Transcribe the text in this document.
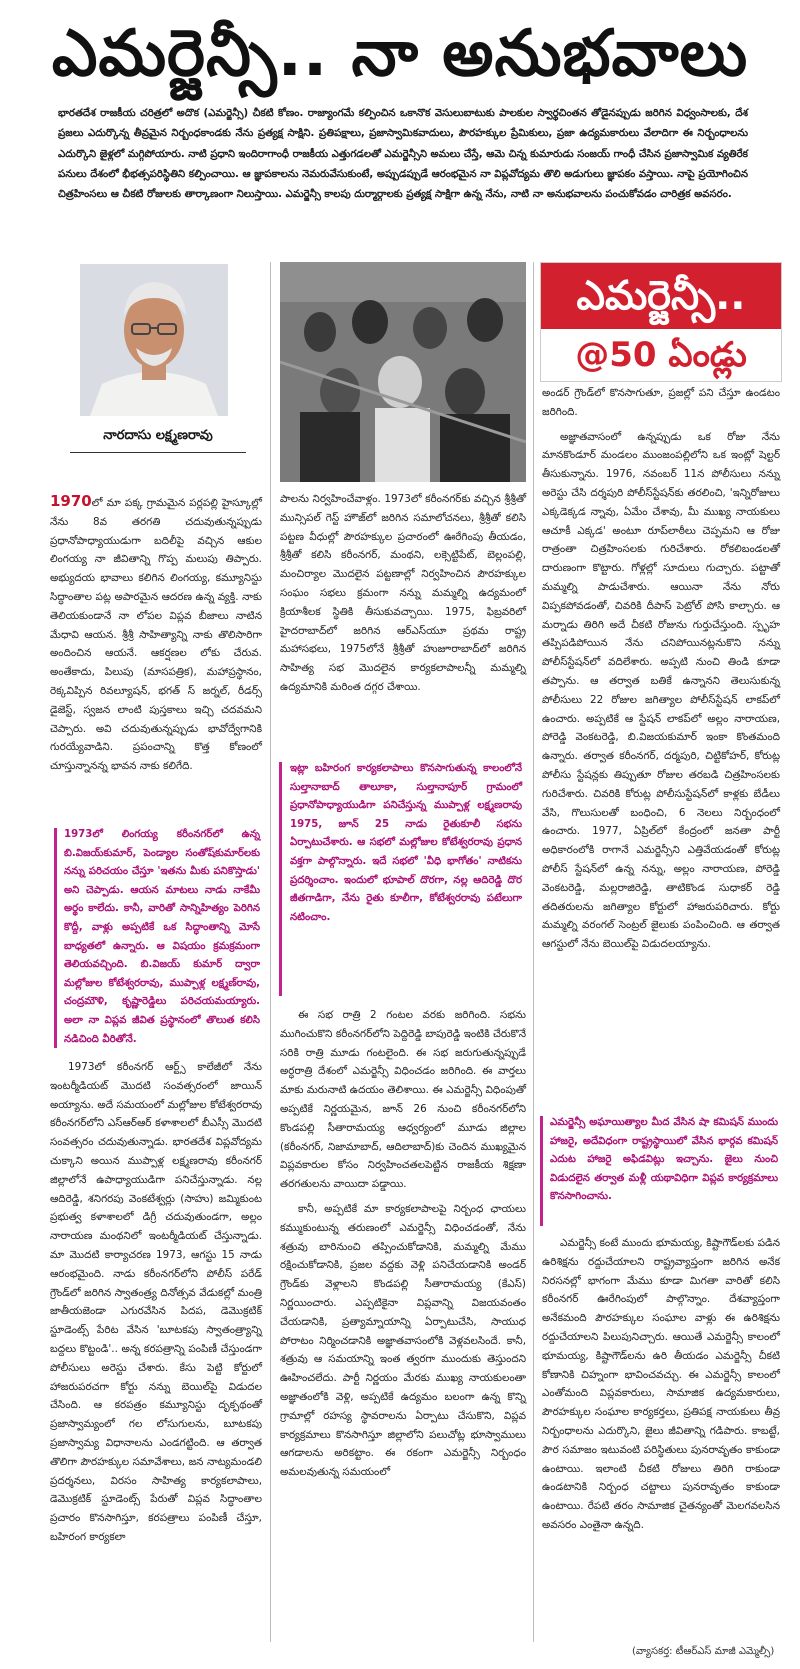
ఎమర్జెన్సీ.. నా అనుభవాలు
భారతదేశ రాజకీయ చరిత్రలో అదొక (ఎమర్జెన్సీ) చీకటి కోణం. రాజ్యాంగమే కల్పించిన ఒకానొక వెసులుబాటుకు పాలకుల స్వార్థచింతన తోడైనప్పుడు జరిగిన విధ్వంసాలకు, దేశ ప్రజలు ఎదుర్కొన్న తీవ్రమైన నిర్బంధకాండకు నేను ప్రత్యక్ష సాక్షిని. ప్రతిపక్షాలు, ప్రజాస్వామికవాదులు, పౌరహక్కుల ప్రేమికులు, ప్రజా ఉద్యమకారులు వేలాదిగా ఈ నిర్బంధాలను ఎదుర్కొని జైళ్లలో మగ్గిపోయారు. నాటి ప్రధాని ఇందిరాగాంధీ రాజకీయ ఎత్తుగడలతో ఎమర్జెన్సీని అమలు చేస్తే, ఆమె చిన్న కుమారుడు సంజయ్ గాంధీ చేసిన ప్రజాస్వామిక వ్యతిరేక పనులు దేశంలో భీభత్సపరిస్థితిని కల్పించాయి. ఆ జ్ఞాపకాలను నెమరువేసుకుంటే, అప్పుడప్పుడే ఆరంభమైన నా విప్లవోద్యమ తొలి అడుగులు జ్ఞాపకం వస్తాయి. నాపై ప్రయోగించిన చిత్రహింసలు ఆ చీకటి రోజులకు తార్కాణంగా నిలుస్తాయి. ఎమర్జెన్సీ కాలపు దుర్మార్గాలకు ప్రత్యక్ష సాక్షిగా ఉన్న నేను, నాటి నా అనుభవాలను పంచుకోవడం చారిత్రక అవసరం.
నారదాసు లక్ష్మణరావు
ఎమర్జెన్సీ..
@50 ఏండ్లు

1970లో మా పక్క గ్రామమైన పర్లపల్లి హైస్కూల్లో నేను 8వ తరగతి చదువుతున్నప్పుడు ప్రధానోపాధ్యాయుడుగా బదిలీపై వచ్చిన ఆకుల లింగయ్య నా జీవితాన్ని గొప్ప మలుపు తిప్పారు. అభ్యుదయ భావాలు కలిగిన లింగయ్య, కమ్యూనిస్టు సిద్ధాంతాల పట్ల అపారమైన ఆదరణ ఉన్న వ్యక్తి. నాకు తెలియకుండానే నా లోపల విప్లవ బీజాలు నాటిన మేధావి ఆయన. శ్రీశ్రీ సాహిత్యాన్ని నాకు తొలిసారిగా అందించిన ఆయనే. ఆకర్షణల లోకు చేరువ. అంతేకాదు, పిలుపు (మాసపత్రిక), మహాప్రస్థానం, రెక్కవిప్పిన రివల్యూషన్, భగత్ స్ జర్నల్, రీడర్స్ డైజెస్ట్, స్వజన లాంటి పుస్తకాలు ఇచ్చి చదవమని చెప్పారు. అవి చదువుతున్నప్పుడు భావోద్వేగానికి గురయ్యేవాడిని. ప్రపంచాన్ని కొత్త కోణంలో చూస్తున్నానన్న భావన నాకు కలిగేది.

1973లో లింగయ్య కరీంనగర్‌లో ఉన్న బి.విజయ్‌కుమార్, పెండ్యాల సంతోష్‌కుమార్‌లకు నన్ను పరిచయం చేస్తూ 'ఇతను మీకు పనికొస్తాడు' అని చెప్పాడు. ఆయన మాటలు నాడు నాకేమీ అర్థం కాలేదు. కానీ, వారితో సాన్నిహిత్యం పెరిగిన కొద్దీ, వాళ్లు అప్పటికే ఒక సిద్ధాంతాన్ని మోసే బాధ్యతలో ఉన్నారు. ఆ విషయం క్రమక్రమంగా తెలియవచ్చింది. బి.విజయ్‌ కుమార్ ద్వారా మల్లోజుల కోటేశ్వరరావు, ముప్పాళ్ల లక్ష్మణ్‌రావు, చంద్రమౌళి, కృష్ణారెడ్డిలు పరిచయమయ్యారు. అలా నా విప్లవ జీవిత ప్రస్థానంలో తొలుత కలిసి నడిచింది వీరితోనే.

1973లో కరీంనగర్ ఆర్ట్స్ కాలేజీలో నేను ఇంటర్మీడియట్ మొదటి సంవత్సరంలో జాయిన్ అయ్యాను. అదే సమయంలో మల్లోజుల కోటేశ్వరరావు కరీంనగర్‌లోని ఎస్ఆర్ఆర్ కళాశాలలో బీఎస్సీ మొదటి సంవత్సరం చదువుతున్నాడు. భారతదేశ విప్లవోద్యమ చుక్కాని అయిన ముప్పాళ్ల లక్ష్మణరావు కరీంనగర్ జిల్లాలోనే ఉపాధ్యాయుడిగా పనిచేస్తున్నాడు. నల్ల ఆదిరెడ్డి, శనిగరపు వెంకటేశ్వర్లు (సాహు) జమ్మికుంట ప్రభుత్వ కళాశాలలో డిగ్రీ చదువుతుండగా, అల్లం నారాయణ మంథనిలో ఇంటర్మీడియట్ చేస్తున్నాడు. మా మొదటి కార్యాచరణ 1973, ఆగస్టు 15 నాడు ఆరంభమైంది. నాడు కరీంనగర్‌లోని పోలీస్ పరేడ్ గ్రౌండ్‌లో జరిగిన స్వాతంత్ర్య దినోత్సవ వేడుకల్లో మంత్రి జాతీయజెండా ఎగురవేసిన పిదప, డెమొక్రటిక్ స్టూడెంట్స్ పేరిట వేసిన 'బూటకపు స్వాతంత్ర్యాన్ని బద్దలు కొట్టండి'.. అన్న కరపత్రాన్ని పంపిణీ చేస్తుండగా పోలీసులు అరెస్టు చేశారు. కేసు పెట్టి కోర్టులో హాజరుపరచగా కోర్టు నన్ను బెయిల్‌పై విడుదల చేసింది. ఆ కరపత్రం కమ్యూనిస్టు దృక్పథంతో ప్రజాస్వామ్యంలో గల లోసుగులను, బూటకపు ప్రజాస్వామ్య విధానాలను ఎండగట్టింది. ఆ తర్వాత తొలిగా పౌరహక్కుల సమావేశాలు, జన నాట్యమండలి ప్రదర్శనలు, విరసం సాహిత్య కార్యకలాపాలు, డెమొక్రటిక్ స్టూడెంట్స్ పేరుతో విప్లవ సిద్ధాంతాల ప్రచారం కొనసాగిస్తూ, కరపత్రాలు పంపిణీ చేస్తూ, బహిరంగ కార్యకలా

పాలను నిర్వహించేవాళ్లం. 1973లో కరీంనగర్‌కు వచ్చిన శ్రీశ్రీతో మున్సిపల్ గెస్ట్ హౌజ్‌లో జరిగిన సమాలోచనలు, శ్రీశ్రీతో కలిసి పట్టణ వీధుల్లో పౌరహక్కుల ప్రచారంలో ఊరేగింపు తీయడం, శ్రీశ్రీతో కలిసి కరీంనగర్, మంథని, లక్సెట్టిపేట్, బెల్లంపల్లి, మంచిర్యాల మొదలైన పట్టణాల్లో నిర్వహించిన పౌరహక్కుల సంఘం సభలు క్రమంగా నన్ను మమ్మల్ని ఉద్యమంలో క్రియాశీలక స్థితికి తీసుకువచ్చాయి. 1975, ఫిబ్రవరిలో హైదరాబాద్‌లో జరిగిన ఆర్ఎస్‌యూ ప్రథమ రాష్ట్ర మహాసభలు, 1975లోనే శ్రీశ్రీతో హుజూరాబాద్‌లో జరిగిన సాహిత్య సభ మొదలైన కార్యకలాపాలన్నీ మమ్మల్ని ఉద్యమానికి మరింత దగ్గర చేశాయి.

ఇట్లా బహిరంగ కార్యకలాపాలు కొనసాగుతున్న కాలంలోనే సుల్తానాబాద్ తాలూకా, సుల్తానాపూర్ గ్రామంలో ప్రధానోపాధ్యాయుడిగా పనిచేస్తున్న ముప్పాళ్ల లక్ష్మణరావు 1975, జూన్ 25 నాడు రైతుకూలీ సభను ఏర్పాటుచేశారు. ఆ సభలో మల్లోజుల కోటేశ్వరరావు ప్రధాన వక్తగా పాల్గొన్నారు. ఇదే సభలో 'వీధి భాగోతం' నాటికను ప్రదర్శించాం. ఇందులో భూపాల్ దొరగా, నల్ల ఆదిరెడ్డి దొర జీతగాడిగా, నేను రైతు కూలీగా, కోటేశ్వరరావు పటేలుగా నటించాం.

ఈ సభ రాత్రి 2 గంటల వరకు జరిగింది. సభను ముగించుకొని కరీంనగర్‌లోని పెద్దిరెడ్డి బాపురెడ్డి ఇంటికి చేరుకొనే సరికి రాత్రి మూడు గంటలైంది. ఈ సభ జరుగుతున్నప్పుడే అర్ధరాత్రి దేశంలో ఎమర్జెన్సీ విధించడం జరిగింది. ఈ వార్తలు మాకు మరునాటి ఉదయం తెలిశాయి. ఈ ఎమర్జెన్సీ విధింపుతో అప్పటికే నిర్ణయమైన, జూన్ 26 నుంచి కరీంనగర్‌లోని కొండపల్లి సీతారామయ్య ఆధ్వర్యంలో మూడు జిల్లాల (కరీంనగర్, నిజామాబాద్, ఆదిలాబాద్)కు చెందిన ముఖ్యమైన విప్లవకారుల కోసం నిర్వహించతలపెట్టిన రాజకీయ శిక్షణా తరగతులను వాయిదా పడ్డాయి.

కానీ, అప్పటికే మా కార్యకలాపాలపై నిర్బంధ ఛాయలు కమ్ముకుంటున్న తరుణంలో ఎమర్జెన్సీ విధించడంతో, నేను శత్రువు బారినుంచి తప్పించుకోడానికి, మమ్మల్ని మేము రక్షించుకోడానికి, ప్రజల వద్దకు వెళ్లి పనిచేయడానికి అండర్ గ్రౌండ్‌కు వెళ్లాలని కొండపల్లి సీతారామయ్య (కేఎస్) నిర్ణయించారు. ఎప్పటికైనా విప్లవాన్ని విజయవంతం చేయడానికి, ప్రత్యామ్నాయాన్ని ఏర్పాటుచేసి, సాయుధ పోరాటం నిర్మించడానికి అజ్ఞాతవాసంలోకి వెళ్లవలసిందే. కానీ, శత్రువు ఆ సమయాన్ని ఇంత త్వరగా ముందుకు తెస్తుందని ఊహించలేదు. పార్టీ నిర్ణయం మేరకు ముఖ్య నాయకులంతా అజ్ఞాతంలోకి వెళ్లి, అప్పటికే ఉద్యమం బలంగా ఉన్న కొన్ని గ్రామాల్లో రహస్య స్థావరాలను ఏర్పాటు చేసుకొని, విప్లవ కార్యక్రమాలు కొనసాగిస్తూ జిల్లాలోని పలుచోట్ల భూస్వాములు ఆగడాలను అరికట్టాం. ఈ రకంగా ఎమర్జెన్సీ నిర్బంధం అమలవుతున్న సమయంలో

అండర్ గ్రౌండ్‌లో కొనసాగుతూ, ప్రజల్లో పని చేస్తూ ఉండటం జరిగింది.

అజ్ఞాతవాసంలో ఉన్నప్పుడు ఒక రోజు నేను మానకొండూర్ మండలం ముంజంపల్లిలోని ఒక ఇంట్లో షెల్టర్ తీసుకున్నాను. 1976, నవంబర్ 11న పోలీసులు నన్ను అరెస్టు చేసి దర్శపురి పోలీస్‌స్టేషన్‌కు తరలించి, 'ఇన్నిరోజులు ఎక్కడెక్కడ న్నావు, ఏమేం చేశావు, మీ ముఖ్య నాయకులు ఆచూకీ ఎక్కడ' అంటూ రూప్‌లాఠీలు చెప్పమని ఆ రోజు రాత్రంతా చిత్రహింసలకు గురిచేశారు. రోకలిబండలతో దారుణంగా కొట్టారు. గోళ్లల్లో సూదులు గుచ్చారు. పట్టాతో మమ్మల్ని పాడుచేశారు. ఆయినా నేను నోరు విప్పకపోవడంతో, చివరికి దీపాస్ పెట్రోల్ పోసి కాల్చారు. ఆ మర్నాడు తిరిగి అదే చీకటి రోజును గుర్తుచేస్తుంది. స్పృహ తప్పిపడిపోయిన నేను చనిపోయినట్లనుకొని నన్ను పోలీస్‌స్టేషన్‌లో వదిలేశారు. అప్పటి నుంచి తిండి కూడా తప్పాను. ఆ తర్వాత బతికే ఉన్నానని తెలుసుకున్న పోలీసులు 22 రోజుల జగిత్యాల పోలీస్‌స్టేషన్ లాకప్‌లో ఉంచారు. అప్పటికే ఆ స్టేషన్ లాకప్‌లో అల్లం నారాయణ, పోరెడ్డి వెంకటరెడ్డి, బి.విజయకుమార్ ఇంకా కొంతమంది ఉన్నారు. తర్వాత కరీంనగర్, దర్మపురి, చిట్టికోహర్, కోరుట్ల పోలీసు స్టేషన్లకు తిప్పుతూ రోజుల తరబడి చిత్రహింసలకు గురిచేశారు. చివరికి కోరుట్ల పోలీసుస్టేషన్‌లో కాళ్లకు బేడీలు వేసి, గొలుసులతో బంధించి, 6 నెలలు నిర్బంధంలో ఉంచారు. 1977, ఏప్రిల్‌లో కేంద్రంలో జనతా పార్టీ అధికారంలోకి రాగానే ఎమర్జెన్సీని ఎత్తివేయడంతో కోరుట్ల పోలీస్ స్టేషన్‌లో ఉన్న నన్ను, అల్లం నారాయణ, పోరెడ్డి వెంకటరెడ్డి, మల్లరాజిరెడ్డి, తాటికొండ సుధాకర్ రెడ్డి తదితరులను జగిత్యాల కోర్టులో హాజరుపరిచారు. కోర్టు మమ్మల్ని వరంగల్ సెంట్రల్ జైలుకు పంపించింది. ఆ తర్వాత ఆగస్టులో నేను బెయిల్‌పై విడుదలయ్యాను.

ఎమర్జెన్సీ అఘాయిత్యాల మీద వేసిన షా కమిషన్ ముందు హాజరై, అదేవిధంగా రాష్ట్రస్థాయిలో వేసిన భార్గవ కమిషన్ ఎదుట హాజరై అఫిడవిట్లు ఇచ్చాను. జైలు నుంచి విడుదలైన తర్వాత మళ్లీ యథావిధిగా విప్లవ కార్యక్రమాలు కొనసాగించాను.

ఎమర్జెన్సీ కంటే ముందు భూమయ్య, కిష్టాగౌడ్‌లకు పడిన ఉరిశిక్షను రద్దుచేయాలని రాష్ట్రవ్యాప్తంగా జరిగిన అనేక నిరసనల్లో భాగంగా మేము కూడా మిగతా వారితో కలిసి కరీంనగర్ ఊరేగింపులో పాల్గొన్నాం. దేశవ్యాప్తంగా అనేకమంది పౌరహక్కుల సంఘాల వాళ్లు ఈ ఉరిశిక్షను రద్దుచేయాలని పిలుపునిచ్చారు. ఆయితే ఎమర్జెన్సీ కాలంలో భూమయ్య, కిష్టాగౌడ్‌లను ఉరి తీయడం ఎమర్జెన్సీ చీకటి కోణానికి చిహ్నంగా భావించవచ్చు. ఈ ఎమర్జెన్సీ కాలంలో ఎంతోమంది విప్లవకారులు, సామాజిక ఉద్యమకారులు, పౌరహక్కుల సంఘాల కార్యకర్తలు, ప్రతిపక్ష నాయకులు తీవ్ర నిర్బంధాలను ఎదుర్కొని, జైలు జీవితాన్ని గడిపారు. కాబట్టే, పౌర సమాజం ఇటువంటి పరిస్థితులు పునరావృతం కాకుండా ఉంటాయి. ఇలాంటి చీకటి రోజులు తిరిగి రాకుండా ఉండటానికి నిర్బంధ చట్టాలు పునరావృతం కాకుండా ఉంటాయి. రేపటి తరం సామాజిక చైతన్యంతో మెలగవలసిన అవసరం ఎంతైనా ఉన్నది.

(వ్యాసకర్త: టీఆర్ఎస్ మాజీ ఎమ్మెల్సీ)
